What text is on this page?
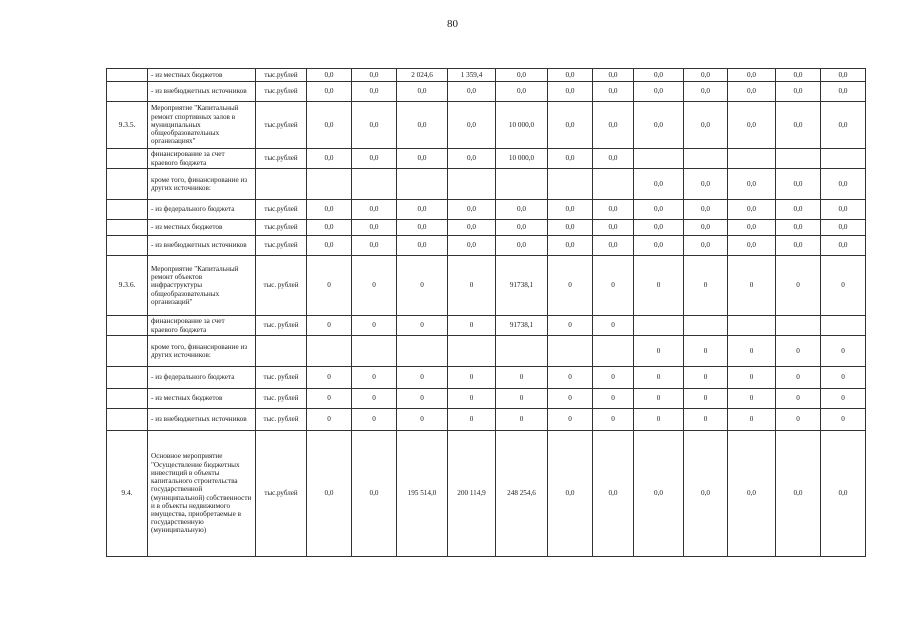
80
	- из местных бюджетов	тыс.рублей	0,0	0,0	2 024,6	1 359,4	0,0	0,0	0,0	0,0	0,0	0,0	0,0	0,0
	- из внебюджетных источников	тыс.рублей	0,0	0,0	0,0	0,0	0,0	0,0	0,0	0,0	0,0	0,0	0,0	0,0
9.3.5.	Мероприятие "Капитальный ремонт спортивных залов в муниципальных общеобразовательных организациях"	тыс.рублей	0,0	0,0	0,0	0,0	10 000,0	0,0	0,0	0,0	0,0	0,0	0,0	0,0
	финансирование за счет краевого бюджета	тыс.рублей	0,0	0,0	0,0	0,0	10 000,0	0,0	0,0					
	кроме того, финансирование из других источников:									0,0	0,0	0,0	0,0	0,0
	- из федерального бюджета	тыс.рублей	0,0	0,0	0,0	0,0	0,0	0,0	0,0	0,0	0,0	0,0	0,0	0,0
	- из местных бюджетов	тыс.рублей	0,0	0,0	0,0	0,0	0,0	0,0	0,0	0,0	0,0	0,0	0,0	0,0
	- из внебюджетных источников	тыс.рублей	0,0	0,0	0,0	0,0	0,0	0,0	0,0	0,0	0,0	0,0	0,0	0,0
9.3.6.	Мероприятие "Капитальный ремонт объектов инфраструктуры общеобразовательных организаций"	тыс. рублей	0	0	0	0	91738,1	0	0	0	0	0	0	0
	финансирование за счет краевого бюджета	тыс. рублей	0	0	0	0	91738,1	0	0					
	кроме того, финансирование из других источников:									0	0	0	0	0
	- из федерального бюджета	тыс. рублей	0	0	0	0	0	0	0	0	0	0	0	0
	- из местных бюджетов	тыс. рублей	0	0	0	0	0	0	0	0	0	0	0	0
	- из внебюджетных источников	тыс. рублей	0	0	0	0	0	0	0	0	0	0	0	0
9.4.	Основное мероприятие "Осуществление бюджетных инвестиций в объекты капитального строительства государственной (муниципальной) собственности и в объекты недвижимого имущества, приобретаемые в государственную (муниципальную)	тыс.рублей	0,0	0,0	195 514,0	200 114,9	248 254,6	0,0	0,0	0,0	0,0	0,0	0,0	0,0
